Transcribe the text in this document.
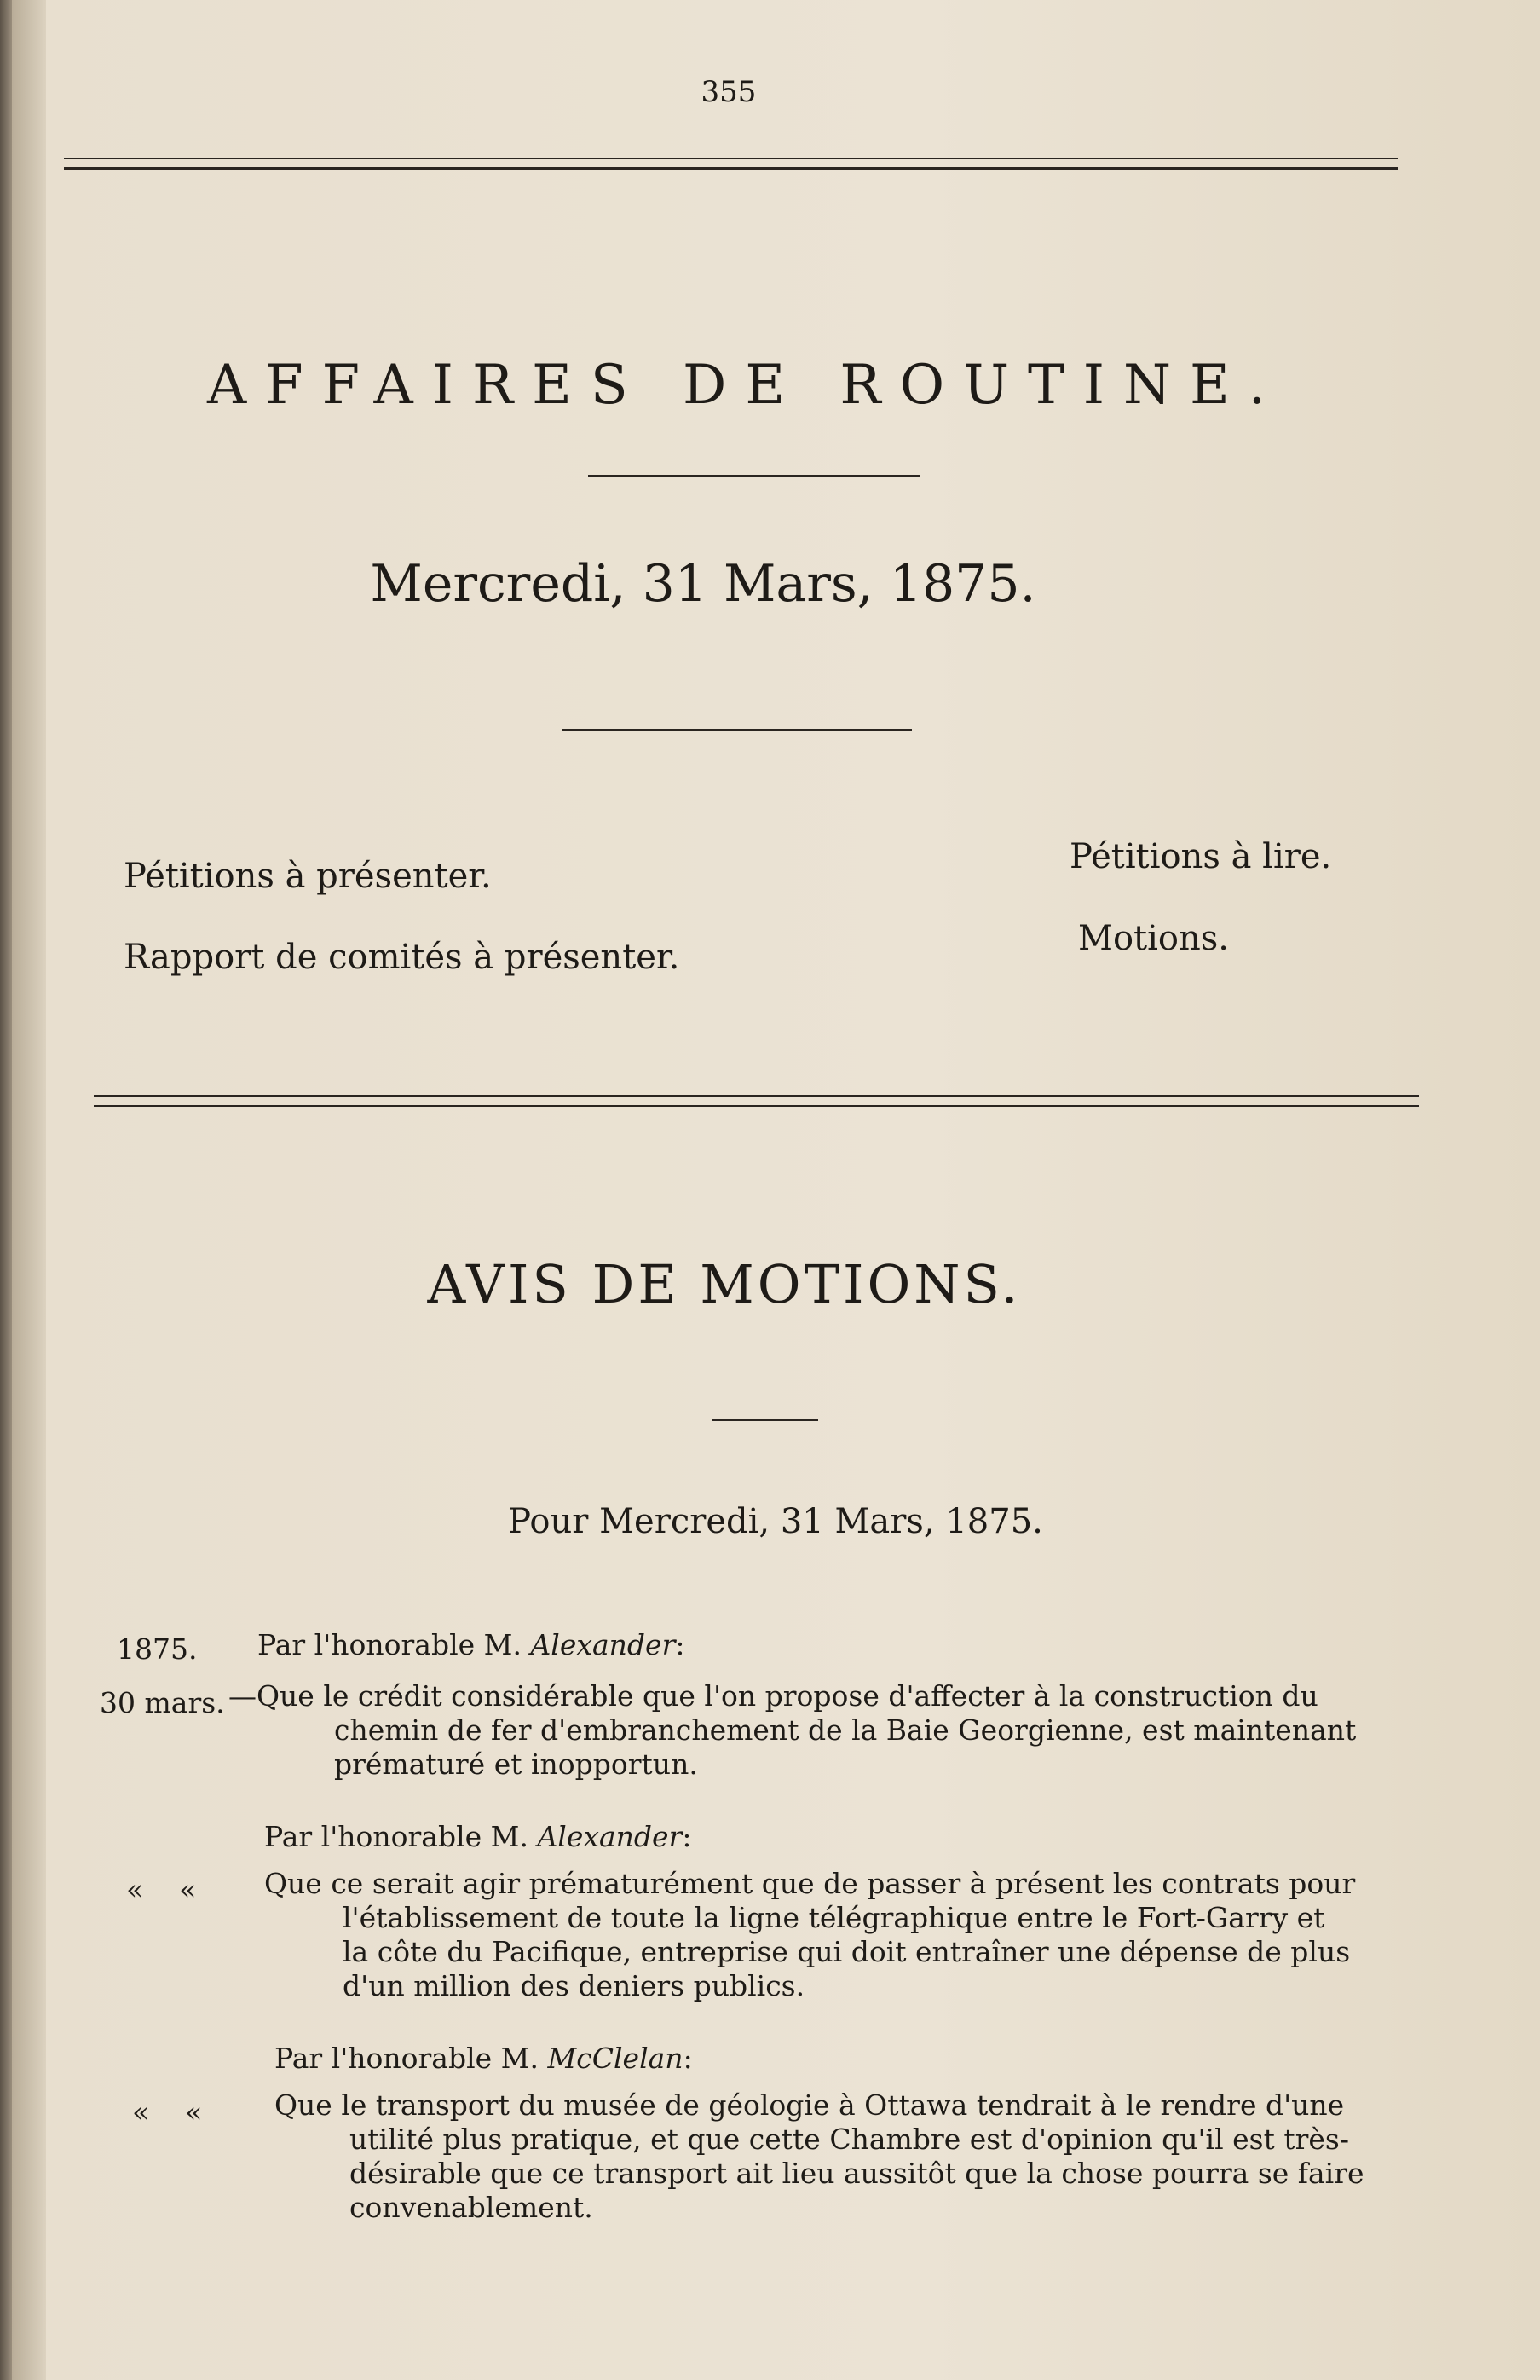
355
AFFAIRES DE ROUTINE.
Mercredi, 31 Mars, 1875.
Pétitions à présenter.
Rapport de comités à présenter.
Pétitions à lire.
Motions.
AVIS DE MOTIONS.
Pour Mercredi, 31 Mars, 1875.
1875. Par l'honorable M. Alexander:
30 mars. —Que le crédit considérable que l'on propose d'affecter à la construction du
chemin de fer d'embranchement de la Baie Georgienne, est maintenant
prématuré et inopportun.
Par l'honorable M. Alexander:
«    « Que ce serait agir prématurément que de passer à présent les contrats pour
l'établissement de toute la ligne télégraphique entre le Fort-Garry et
la côte du Pacifique, entreprise qui doit entraîner une dépense de plus
d'un million des deniers publics.
Par l'honorable M. McClelan:
«    «	Que le transport du musée de géologie à Ottawa tendrait à le rendre d'une
utilité plus pratique, et que cette Chambre est d'opinion qu'il est très-
désirable que ce transport ait lieu aussitôt que la chose pourra se faire
convenablement.
